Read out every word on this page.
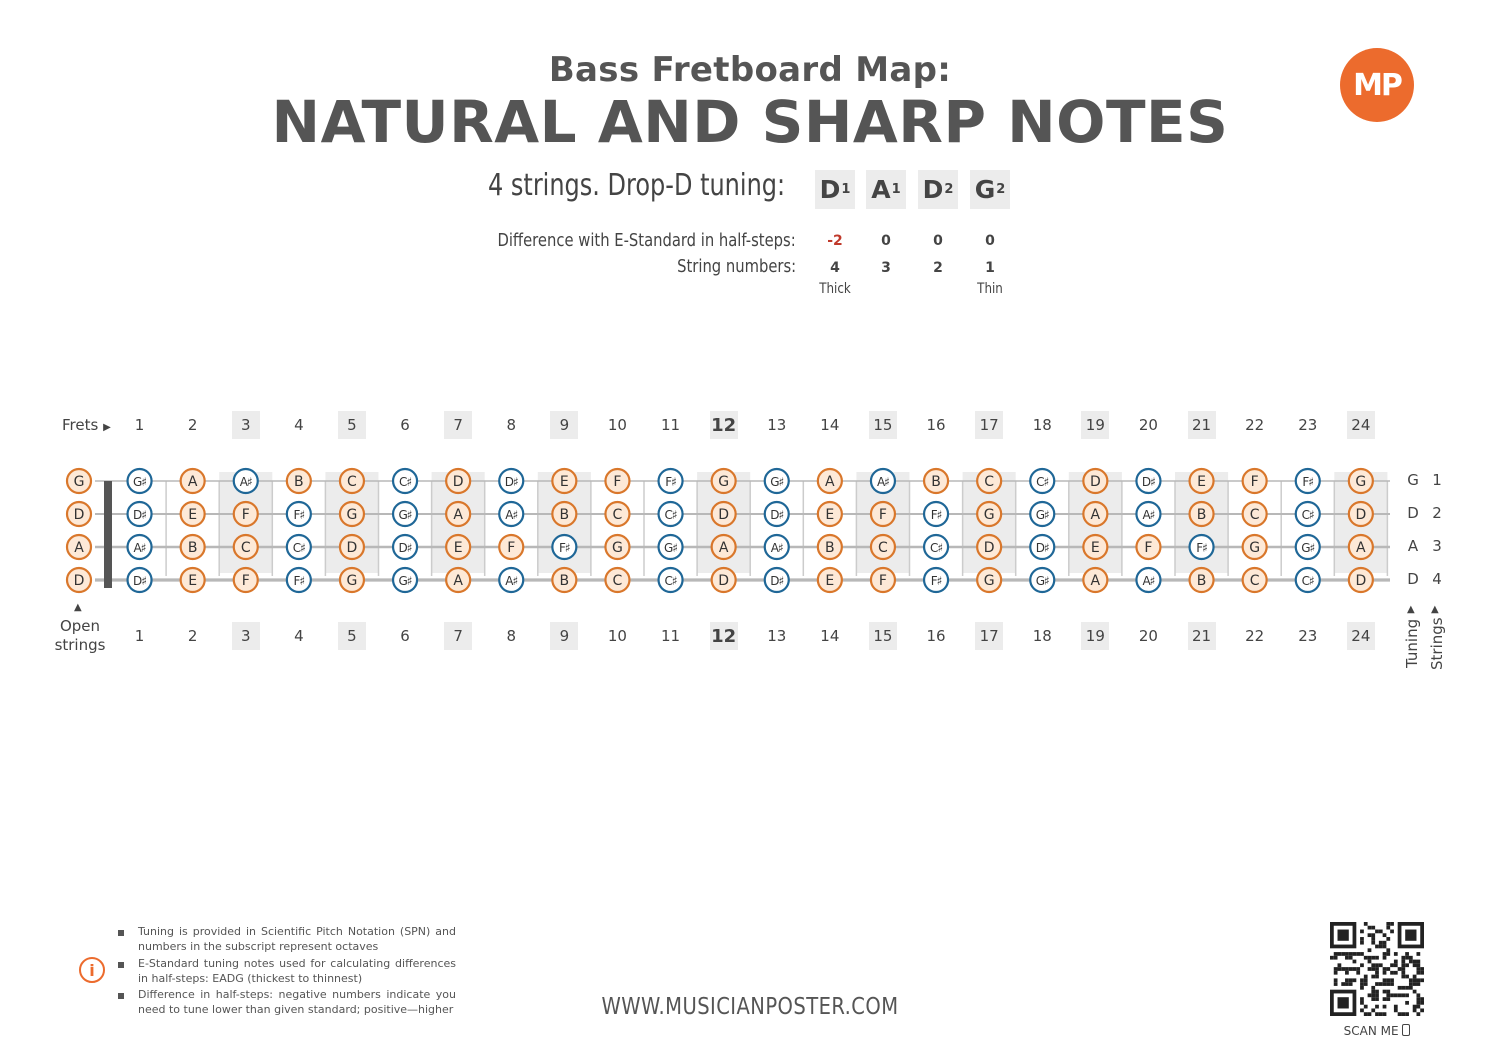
Bass Fretboard Map:
NATURAL AND SHARP NOTES
MP
4 strings. Drop-D tuning: D 1 A 1 D 2 G 2
Difference with E-Standard in half-steps:	-2	0	0	0
String numbers:	4	3	2	1
Thick	Thin
Frets ▶	1	2	3	4	5	6	7	8	9	10 11 12 13 14 15 16 17 18 19 20 21 22 23 24
1	2	3	4	5	6	7	8	9	10 11 12 13 14 15 16 17 18 19 20 21 22 23 24
▲
Open strings
G	G♯	A	A♯	B	C	C♯	D	D♯	E	F	F♯	G	G♯	A	A♯	B	C	C♯	D	D♯	E	F	F♯	G
D	D♯	E	F	F♯	G	G♯	A	A♯	B	C	C♯	D	D♯	E	F	F♯	G	G♯	A	A♯	B	C	C♯	D
A	A♯	B	C	C♯	D	D♯	E	F	F♯	G	G♯	A	A♯	B	C	C♯	D	D♯	E	F	F♯	G	G♯	A
D	D♯	E	F	F♯	G	G♯	A	A♯	B	C	C♯	D	D♯	E	F	F♯	G	G♯	A	A♯	B	C	C♯	D
G 1
D 2
A 3
D 4
▲ ▲
Tuning Strings
i
Tuning is provided in Scientific Pitch Notation (SPN) and numbers in the subscript represent octaves
E-Standard tuning notes used for calculating differences in half-steps: EADG (thickest to thinnest)
Difference in half-steps: negative numbers indicate you need to tune lower than given standard; positive—higher	WWW.MUSICIANPOSTER.COM
SCAN ME
